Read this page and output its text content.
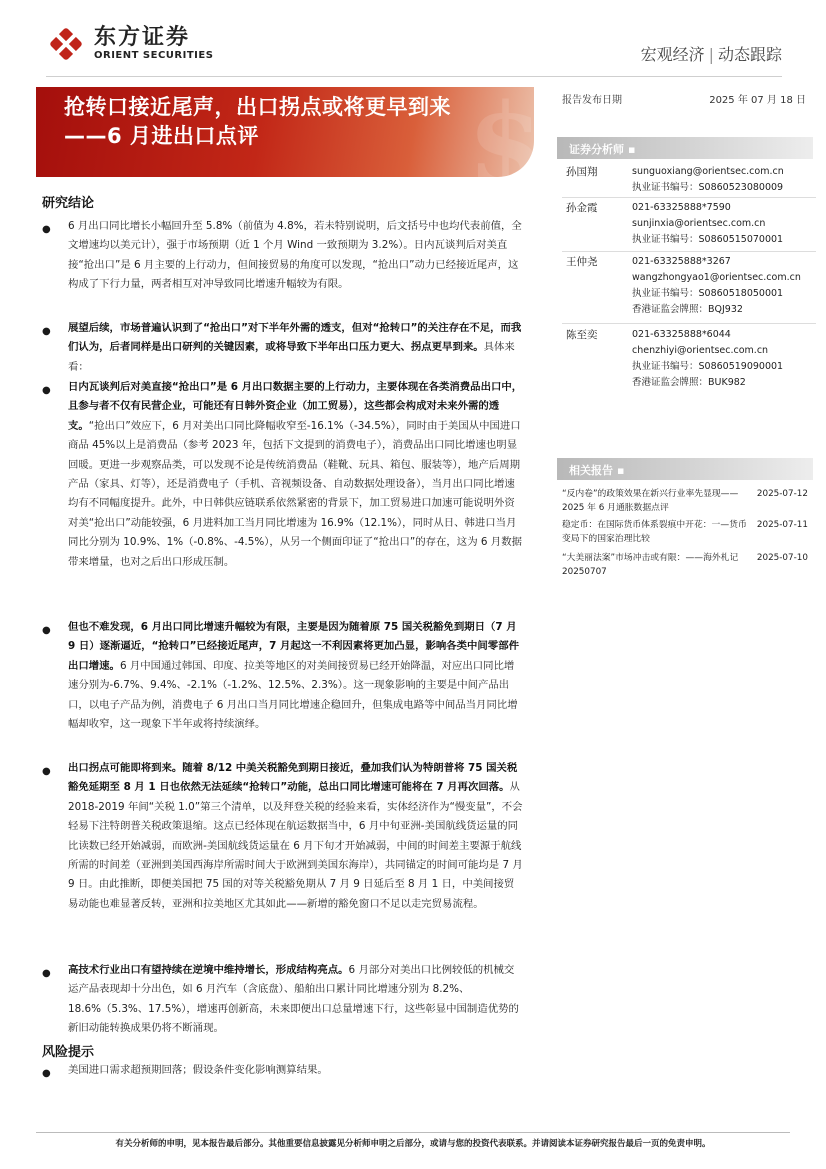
东方证券
ORIENT SECURITIES	宏观经济 | 动态跟踪
$
抢转口接近尾声，出口拐点或将更早到来
——6 月进出口点评
报告发布日期	2025 年 07 月 18 日
证券分析师 ▪
孙国翔	sunguoxiang@orientsec.com.cn
执业证书编号：S0860523080009
孙金霞	021-63325888*7590
sunjinxia@orientsec.com.cn
执业证书编号：S0860515070001
王仲尧	021-63325888*3267
wangzhongyao1@orientsec.com.cn
执业证书编号：S0860518050001
香港证监会牌照：BQJ932
陈至奕	021-63325888*6044
chenzhiyi@orientsec.com.cn
执业证书编号：S0860519090001
香港证监会牌照：BUK982
相关报告 ▪
“反内卷”的政策效果在新兴行业率先显现——2025 年 6 月通胀数据点评
2025-07-12
稳定币：在国际货币体系裂痕中开花：一—货币变局下的国家治理比较
2025-07-11
“大美丽法案”市场冲击或有限：——海外札记 20250707
2025-07-10
研究结论
● 6 月出口同比增长小幅回升至 5.8%（前值为 4.8%，若未特别说明，后文括号中也均代表前值，全文增速均以美元计），强于市场预期（近 1 个月 Wind 一致预期为 3.2%）。日内瓦谈判后对美直接“抢出口”是 6 月主要的上行动力，但间接贸易的角度可以发现，“抢出口”动力已经接近尾声，这构成了下行力量，两者相互对冲导致同比增速升幅较为有限。
● 展望后续，市场普遍认识到了“抢出口”对下半年外需的透支，但对“抢转口”的关注存在不足，而我们认为，后者同样是出口研判的关键因素，或将导致下半年出口压力更大、拐点更早到来。具体来看：
● 日内瓦谈判后对美直接“抢出口”是 6 月出口数据主要的上行动力，主要体现在各类消费品出口中，且参与者不仅有民营企业，可能还有日韩外资企业（加工贸易），这些都会构成对未来外需的透支。“抢出口”效应下，6 月对美出口同比降幅收窄至-16.1%（-34.5%），同时由于美国从中国进口商品 45%以上是消费品（参考 2023 年，包括下文提到的消费电子），消费品出口同比增速也明显回暖。更进一步观察品类，可以发现不论是传统消费品（鞋靴、玩具、箱包、服装等），地产后周期产品（家具、灯等），还是消费电子（手机、音视频设备、自动数据处理设备），当月出口同比增速均有不同幅度提升。此外，中日韩供应链联系依然紧密的背景下，加工贸易进口加速可能说明外资对美“抢出口”动能较强，6 月进料加工当月同比增速为 16.9%（12.1%），同时从日、韩进口当月同比分别为 10.9%、1%（-0.8%、-4.5%），从另一个侧面印证了“抢出口”的存在，这为 6 月数据带来增量，也对之后出口形成压制。
● 但也不难发现，6 月出口同比增速升幅较为有限，主要是因为随着原 75 国关税豁免到期日（7 月 9 日）逐渐逼近，“抢转口”已经接近尾声，7 月起这一不利因素将更加凸显，影响各类中间零部件出口增速。6 月中国通过韩国、印度、拉美等地区的对美间接贸易已经开始降温，对应出口同比增速分别为-6.7%、9.4%、-2.1%（-1.2%、12.5%、2.3%）。这一现象影响的主要是中间产品出口，以电子产品为例，消费电子 6 月出口当月同比增速企稳回升，但集成电路等中间品当月同比增幅却收窄，这一现象下半年或将持续演绎。
● 出口拐点可能即将到来。随着 8/12 中美关税豁免到期日接近，叠加我们认为特朗普将 75 国关税豁免延期至 8 月 1 日也依然无法延续“抢转口”动能，总出口同比增速可能将在 7 月再次回落。从 2018-2019 年间“关税 1.0”第三个清单，以及拜登关税的经验来看，实体经济作为“慢变量”，不会轻易下注特朗普关税政策退缩。这点已经体现在航运数据当中，6 月中旬亚洲-美国航线货运量的同比读数已经开始减弱，而欧洲-美国航线货运量在 6 月下旬才开始减弱，中间的时间差主要源于航线所需的时间差（亚洲到美国西海岸所需时间大于欧洲到美国东海岸），共同锚定的时间可能均是 7 月 9 日。由此推断，即便美国把 75 国的对等关税豁免期从 7 月 9 日延后至 8 月 1 日，中美间接贸易动能也难显著反转，亚洲和拉美地区尤其如此——新增的豁免窗口不足以走完贸易流程。
● 高技术行业出口有望持续在逆境中维持增长，形成结构亮点。6 月部分对美出口比例较低的机械交运产品表现却十分出色，如 6 月汽车（含底盘）、船舶出口累计同比增速分别为 8.2%、18.6%（5.3%、17.5%），增速再创新高，未来即便出口总量增速下行，这些彰显中国制造优势的新旧动能转换成果仍将不断涌现。
风险提示
● 美国进口需求超预期回落；假设条件变化影响测算结果。
有关分析师的申明，见本报告最后部分。其他重要信息披露见分析师申明之后部分，或请与您的投资代表联系。并请阅读本证券研究报告最后一页的免责申明。
